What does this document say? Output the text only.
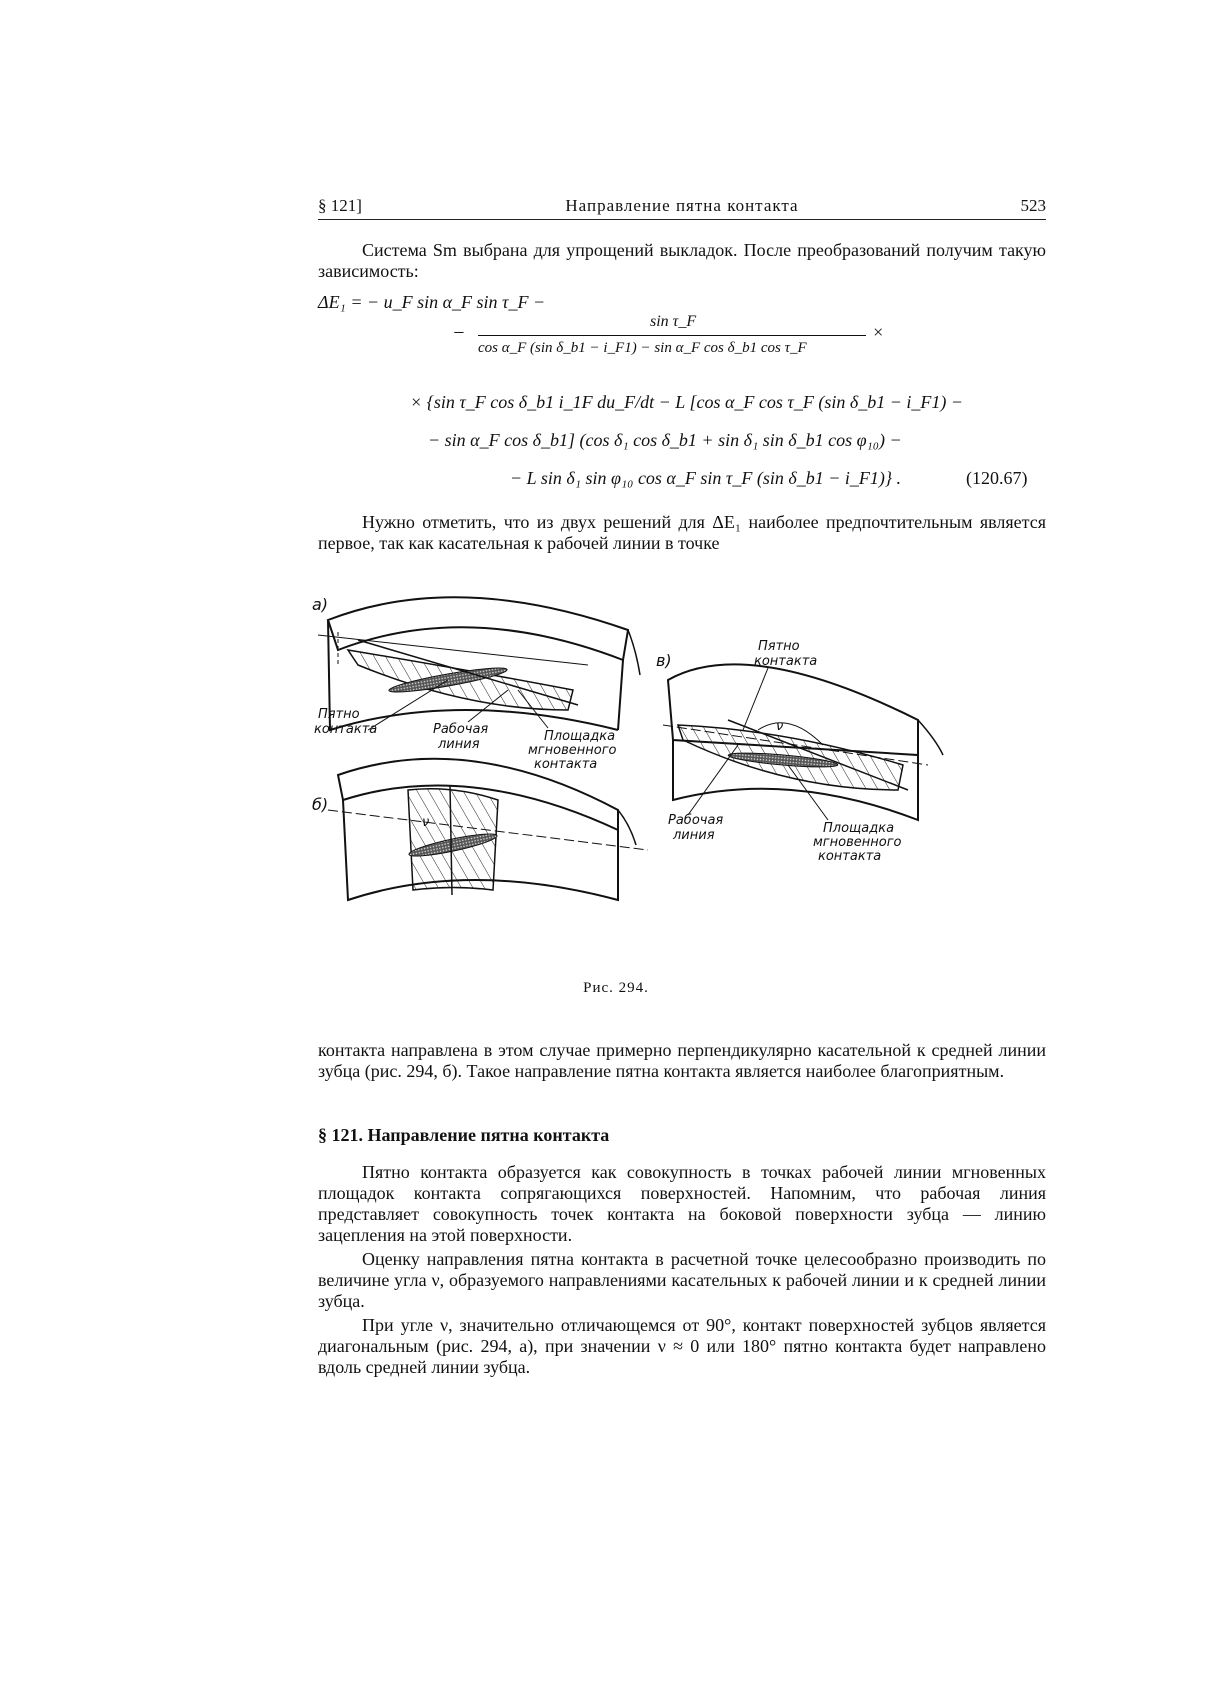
§ 121]	Направление пятна контакта	523

Система Sm выбрана для упрощений выкладок. После преобразований получим такую зависимость:

ΔE₁ = − u_F sin α_F sin τ_F −
−
sin τ_F
cos α_F (sin δ_b1 − i_F1) − sin α_F cos δ_b1 cos τ_F
×
× {sin τ_F cos δ_b1 i_1F du_F/dt − L [cos α_F cos τ_F (sin δ_b1 − i_F1) −
− sin α_F cos δ_b1] (cos δ₁ cos δ_b1 + sin δ₁ sin δ_b1 cos φ₁₀) −
− L sin δ₁ sin φ₁₀ cos α_F sin τ_F (sin δ_b1 − i_F1)} .	(120.67)

Нужно отметить, что из двух решений для ΔE₁ наиболее предпочтительным является первое, так как касательная к рабочей линии в точке

а)
в)
Пятно
контакта
ν
Рабочая
линия	Площадка
мгновенного
контакта
Пятно
контакта	Рабочая
линия
Площадка
мгновенного
контакта
б)
ν
Рис. 294.

контакта направлена в этом случае примерно перпендикулярно касательной к средней линии зубца (рис. 294, б). Такое направление пятна контакта является наиболее благоприятным.

§ 121. Направление пятна контакта

Пятно контакта образуется как совокупность в точках рабочей линии мгновенных площадок контакта сопрягающихся поверхностей. Напомним, что рабочая линия представляет совокупность точек контакта на боковой поверхности зубца — линию зацепления на этой поверхности.

Оценку направления пятна контакта в расчетной точке целесообразно производить по величине угла ν, образуемого направлениями касательных к рабочей линии и к средней линии зубца.

При угле ν, значительно отличающемся от 90°, контакт поверхностей зубцов является диагональным (рис. 294, а), при значении ν ≈ 0 или 180° пятно контакта будет направлено вдоль средней линии зубца.
